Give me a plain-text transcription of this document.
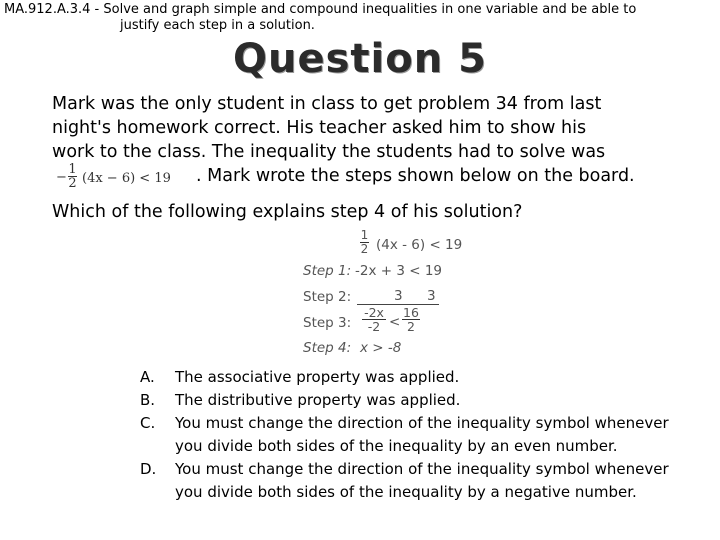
MA.912.A.3.4 - Solve and graph simple and compound inequalities in one variable and be able to
justify each step in a solution.
Question 5
Mark was the only student in class to get problem 34 from last
night's homework correct. His teacher asked him to show his
work to the class. The inequality the students had to solve was
. Mark wrote the steps shown below on the board.
−
1
2 (4x − 6) < 19
Which of the following explains step 4 of his solution?
1
2 (4x - 6) < 19
Step 1: -2x + 3 < 19
Step 2:	3 3
Step 3:
-2x
-2 <
16
2
Step 4: x > -8
A.	The associative property was applied.
B.	The distributive property was applied.
C.	You must change the direction of the inequality symbol whenever you divide both sides of the inequality by an even number.
D.	You must change the direction of the inequality symbol whenever you divide both sides of the inequality by a negative number.
